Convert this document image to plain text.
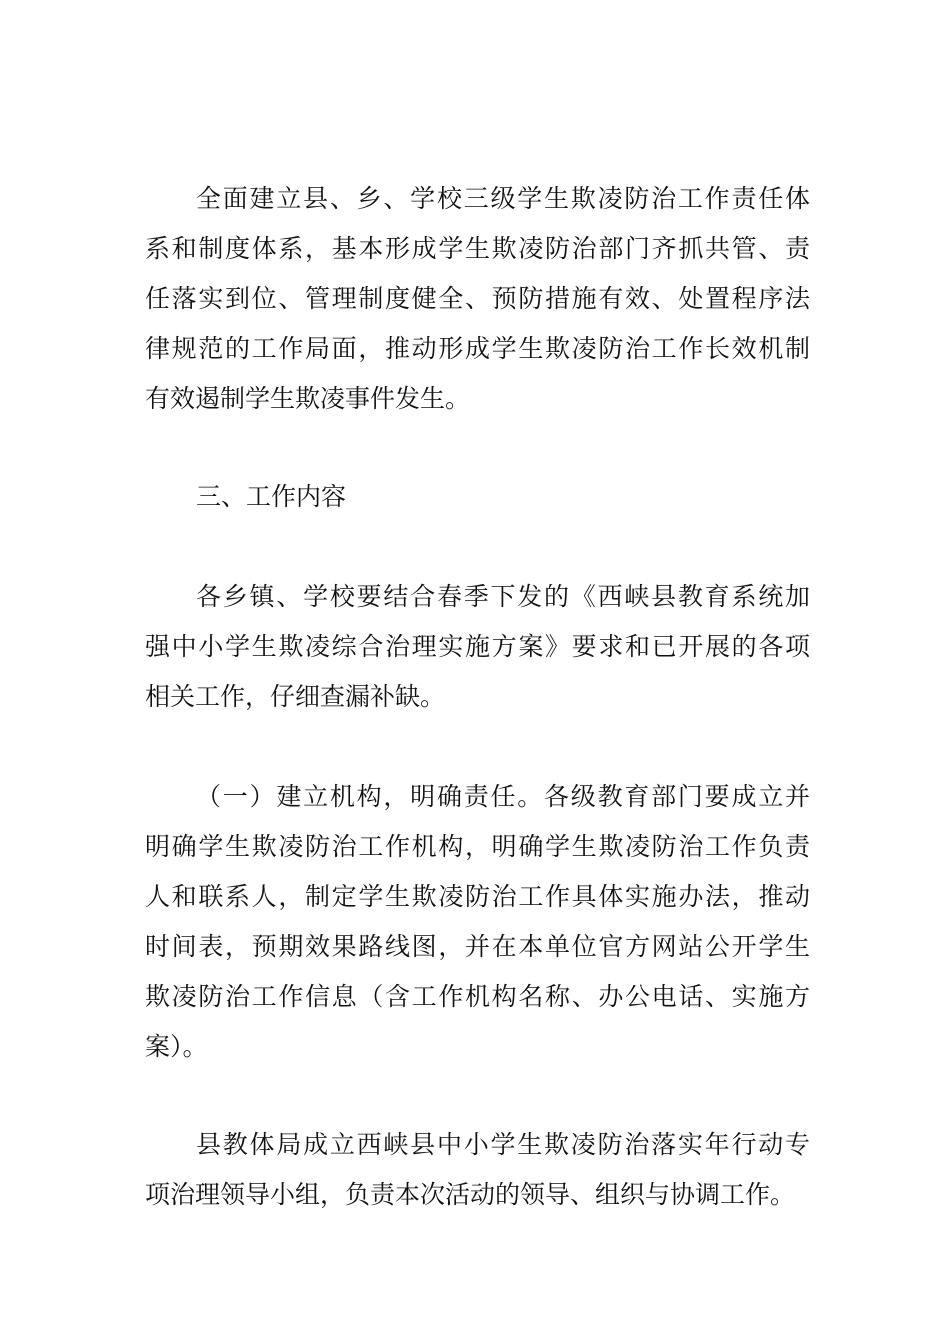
全面建立县、乡、学校三级学生欺凌防治工作责任体
系和制度体系，基本形成学生欺凌防治部门齐抓共管、责
任落实到位、管理制度健全、预防措施有效、处置程序法
律规范的工作局面，推动形成学生欺凌防治工作长效机制
有效遏制学生欺凌事件发生。
三、工作内容
各乡镇、学校要结合春季下发的《西峡县教育系统加
强中小学生欺凌综合治理实施方案》要求和已开展的各项
相关工作，仔细查漏补缺。
（一）建立机构，明确责任。各级教育部门要成立并
明确学生欺凌防治工作机构，明确学生欺凌防治工作负责
人和联系人，制定学生欺凌防治工作具体实施办法，推动
时间表，预期效果路线图，并在本单位官方网站公开学生
欺凌防治工作信息（含工作机构名称、办公电话、实施方
案）。
县教体局成立西峡县中小学生欺凌防治落实年行动专
项治理领导小组，负责本次活动的领导、组织与协调工作。
